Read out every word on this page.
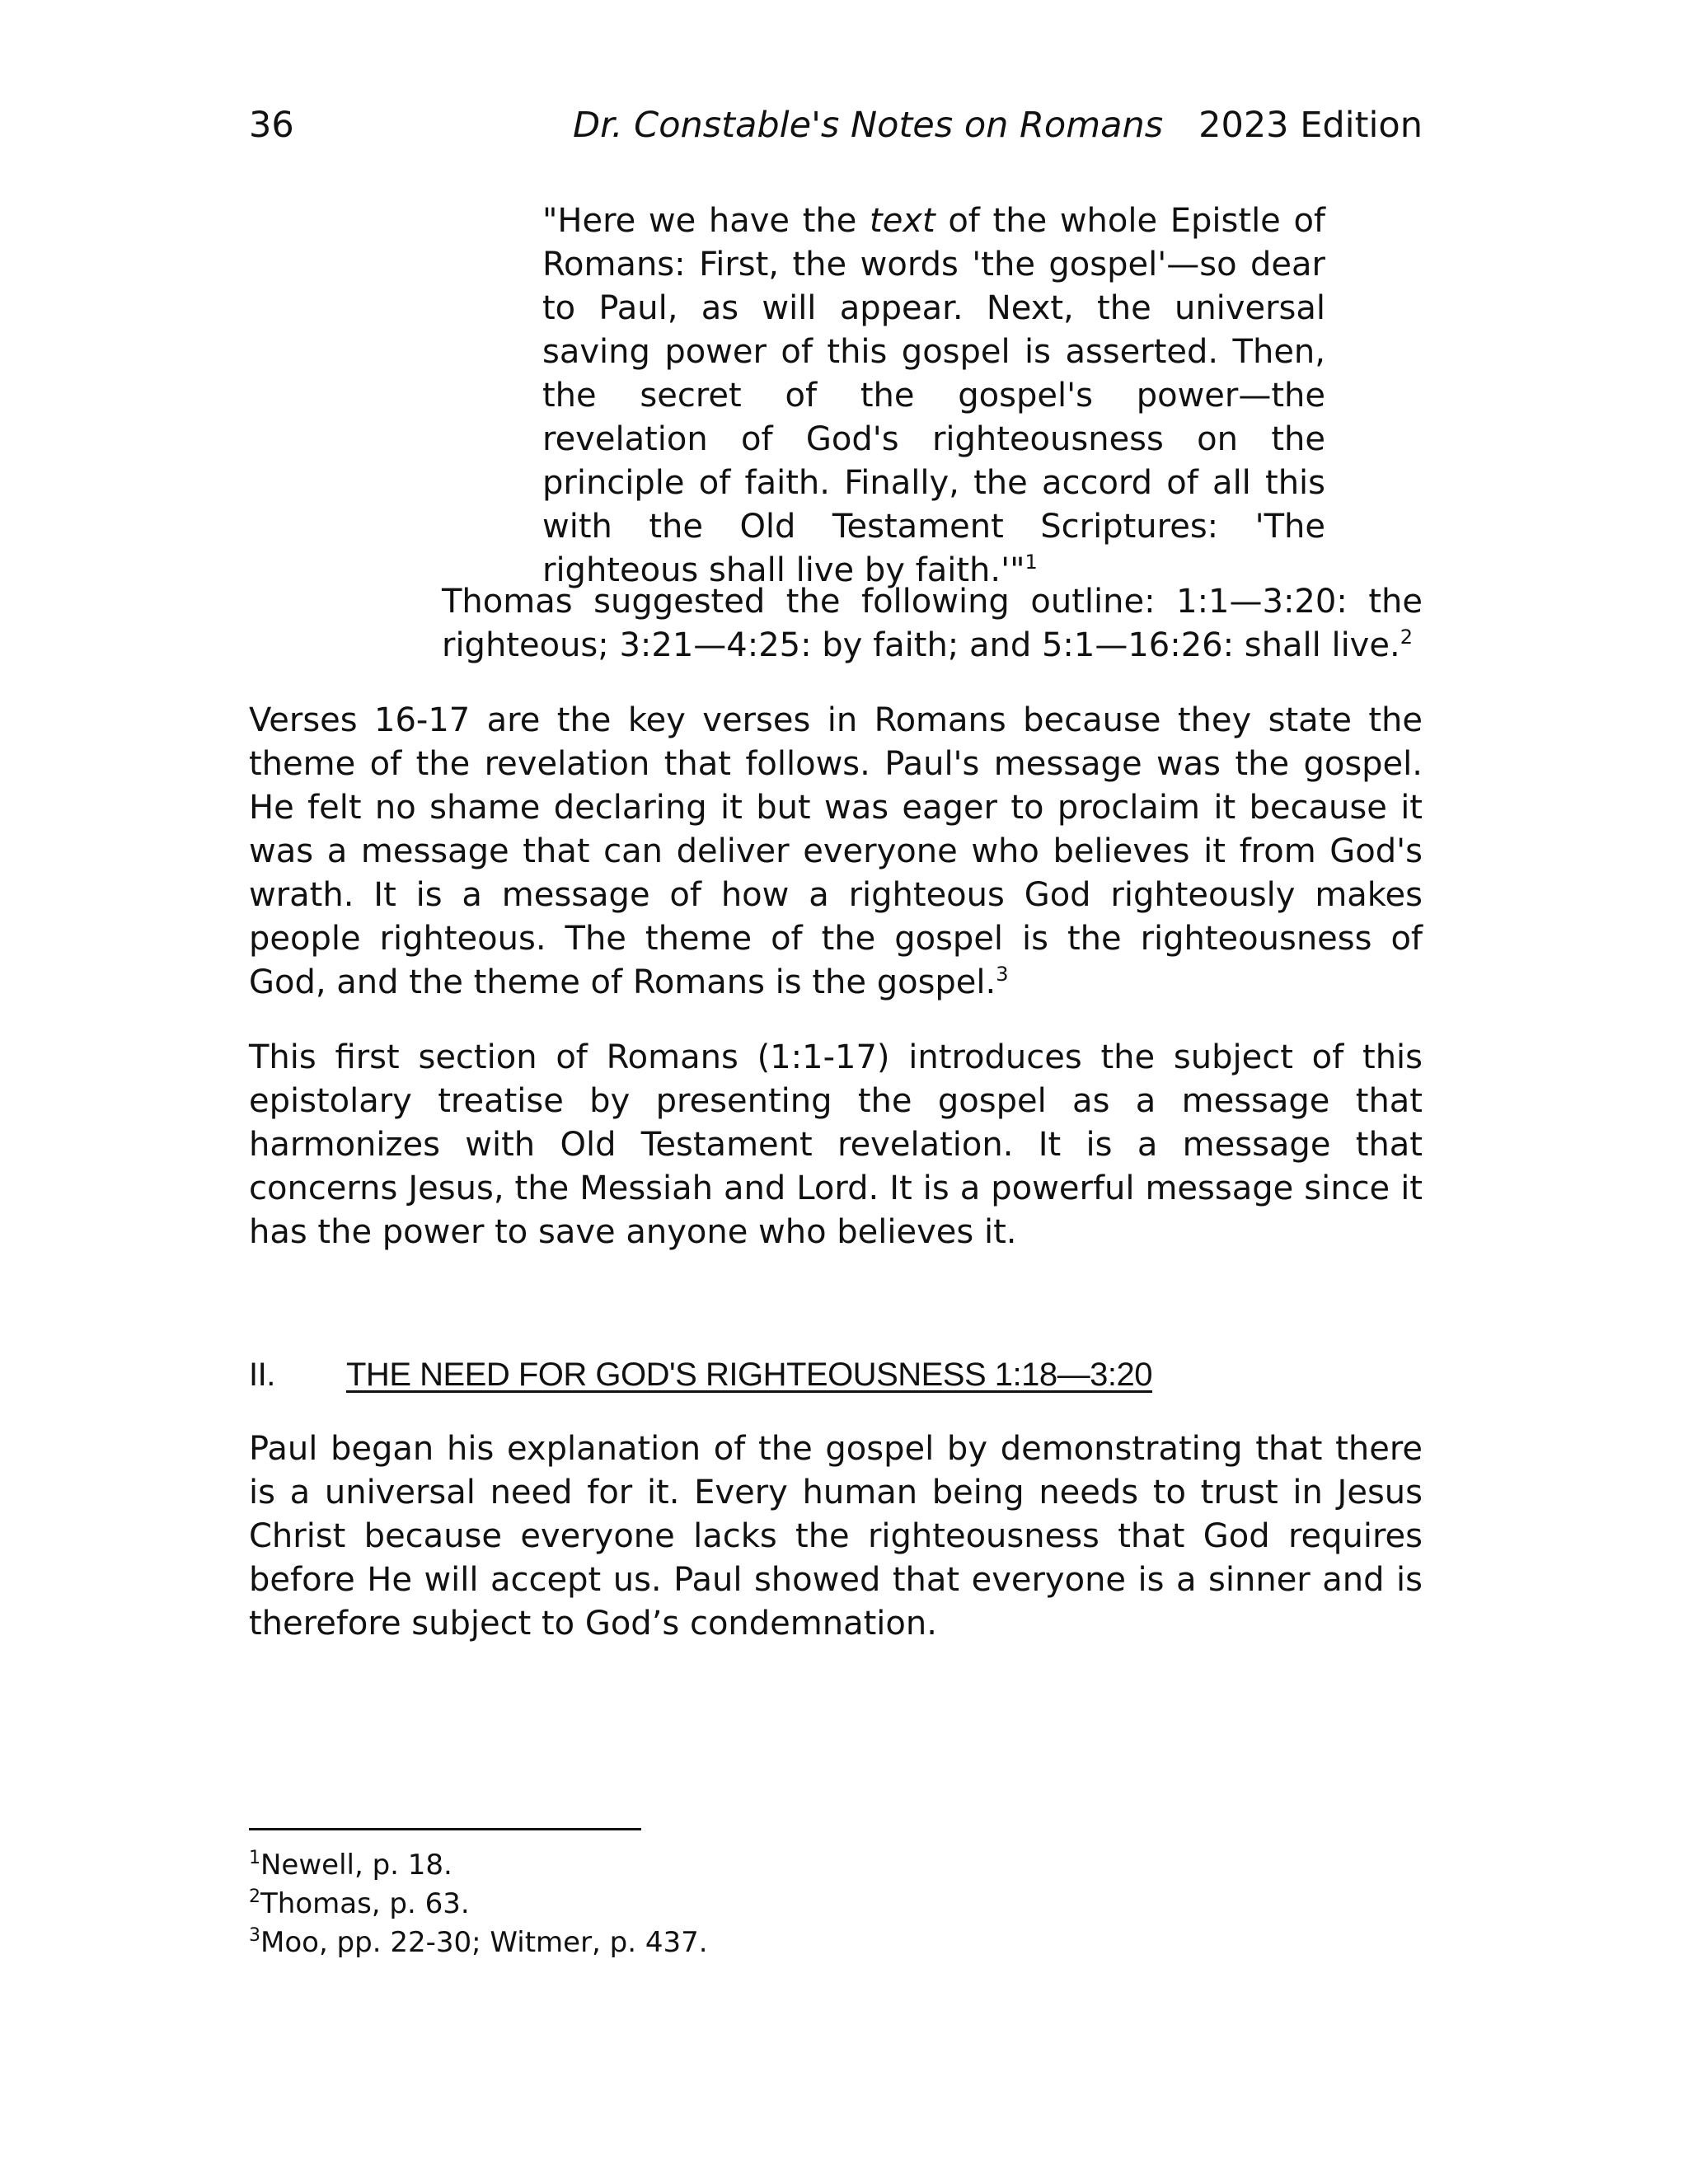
36	Dr. Constable's Notes on Romans 2023 Edition
"Here we have the text of the whole Epistle of Romans: First, the words 'the gospel'—so dear to Paul, as will appear. Next, the universal saving power of this gospel is asserted. Then, the secret of the gospel's power—the revelation of God's righteousness on the principle of faith. Finally, the accord of all this with the Old Testament Scriptures: 'The righteous shall live by faith.'"$^1$

Thomas suggested the following outline: 1:1—3:20: the righteous; 3:21—4:25: by faith; and 5:1—16:26: shall live.$^2$

Verses 16-17 are the key verses in Romans because they state the theme of the revelation that follows. Paul's message was the gospel. He felt no shame declaring it but was eager to proclaim it because it was a message that can deliver everyone who believes it from God's wrath. It is a message of how a righteous God righteously makes people righteous. The theme of the gospel is the righteousness of God, and the theme of Romans is the gospel.$^3$

This first section of Romans (1:1-17) introduces the subject of this epistolary treatise by presenting the gospel as a message that harmonizes with Old Testament revelation. It is a message that concerns Jesus, the Messiah and Lord. It is a powerful message since it has the power to save anyone who believes it.

II. THE NEED FOR GOD'S RIGHTEOUSNESS 1:18—3:20

Paul began his explanation of the gospel by demonstrating that there is a universal need for it. Every human being needs to trust in Jesus Christ because everyone lacks the righteousness that God requires before He will accept us. Paul showed that everyone is a sinner and is therefore subject to God’s condemnation.

$^1$Newell, p. 18.
$^2$Thomas, p. 63.
$^3$Moo, pp. 22-30; Witmer, p. 437.
